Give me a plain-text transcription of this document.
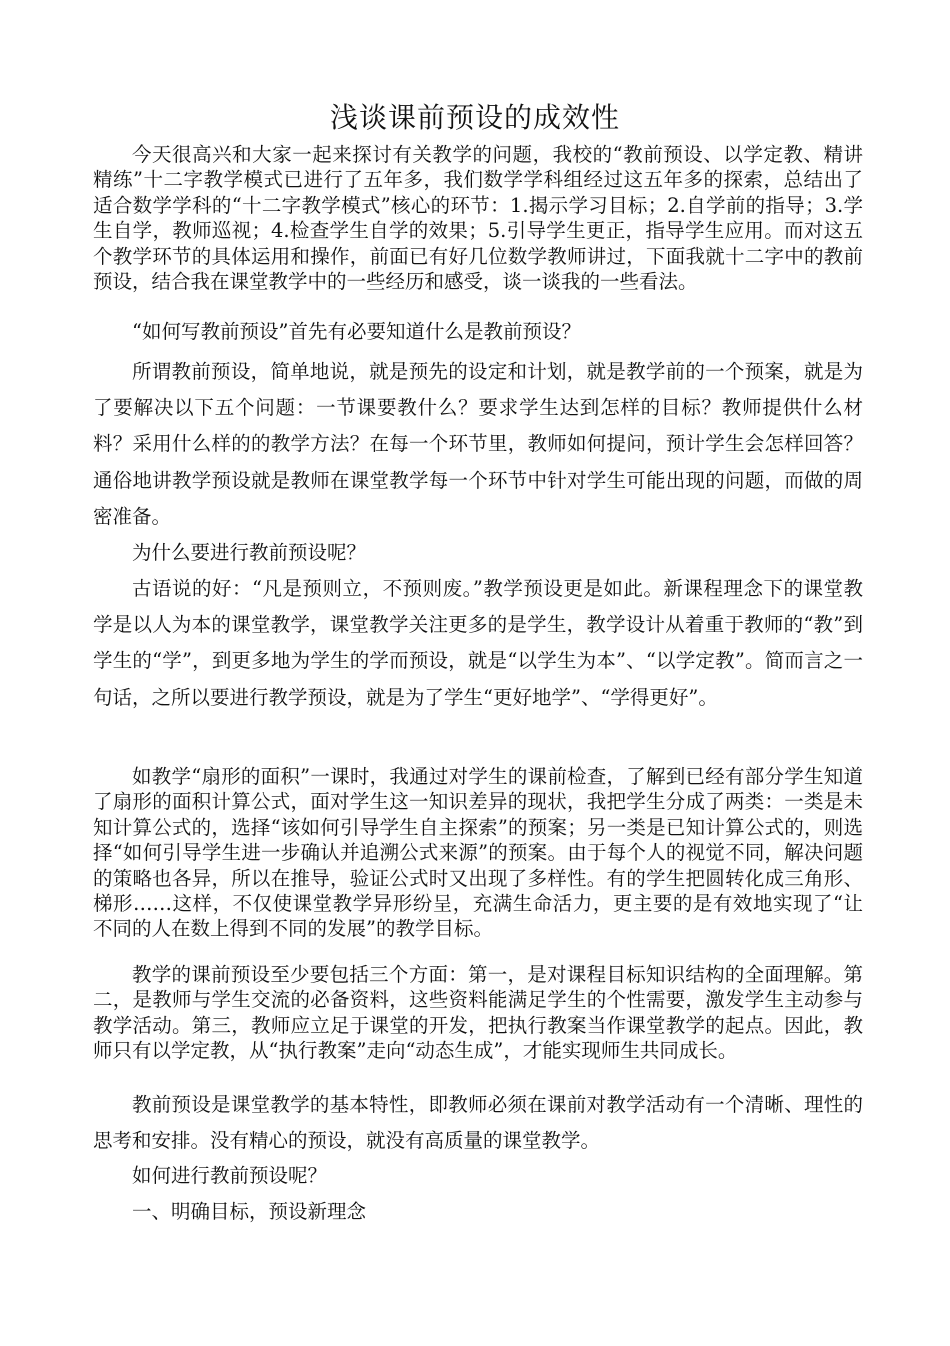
浅谈课前预设的成效性

今天很高兴和大家一起来探讨有关教学的问题，我校的“教前预设、以学定教、精讲精练”十二字教学模式已进行了五年多，我们数学学科组经过这五年多的探索，总结出了适合数学学科的“十二字教学模式”核心的环节：1.揭示学习目标；2.自学前的指导；3.学生自学，教师巡视；4.检查学生自学的效果；5.引导学生更正，指导学生应用。而对这五个教学环节的具体运用和操作，前面已有好几位数学教师讲过，下面我就十二字中的教前预设，结合我在课堂教学中的一些经历和感受，谈一谈我的一些看法。

“如何写教前预设”首先有必要知道什么是教前预设？

所谓教前预设，简单地说，就是预先的设定和计划，就是教学前的一个预案，就是为了要解决以下五个问题：一节课要教什么？要求学生达到怎样的目标？教师提供什么材料？采用什么样的的教学方法？在每一个环节里，教师如何提问，预计学生会怎样回答？通俗地讲教学预设就是教师在课堂教学每一个环节中针对学生可能出现的问题，而做的周密准备。

为什么要进行教前预设呢？

古语说的好：“凡是预则立，不预则废。”教学预设更是如此。新课程理念下的课堂教学是以人为本的课堂教学，课堂教学关注更多的是学生，教学设计从着重于教师的“教”到学生的“学”，到更多地为学生的学而预设，就是“以学生为本”、“以学定教”。简而言之一句话，之所以要进行教学预设，就是为了学生“更好地学”、“学得更好”。

如教学“扇形的面积”一课时，我通过对学生的课前检查，了解到已经有部分学生知道了扇形的面积计算公式，面对学生这一知识差异的现状，我把学生分成了两类：一类是未知计算公式的，选择“该如何引导学生自主探索”的预案；另一类是已知计算公式的，则选择“如何引导学生进一步确认并追溯公式来源”的预案。由于每个人的视觉不同，解决问题的策略也各异，所以在推导，验证公式时又出现了多样性。有的学生把圆转化成三角形、梯形……这样，不仅使课堂教学异形纷呈，充满生命活力，更主要的是有效地实现了“让不同的人在数上得到不同的发展”的教学目标。

教学的课前预设至少要包括三个方面：第一，是对课程目标知识结构的全面理解。第二，是教师与学生交流的必备资料，这些资料能满足学生的个性需要，激发学生主动参与教学活动。第三，教师应立足于课堂的开发，把执行教案当作课堂教学的起点。因此，教师只有以学定教，从“执行教案”走向“动态生成”，才能实现师生共同成长。

教前预设是课堂教学的基本特性，即教师必须在课前对教学活动有一个清晰、理性的思考和安排。没有精心的预设，就没有高质量的课堂教学。

如何进行教前预设呢？

一、明确目标，预设新理念
